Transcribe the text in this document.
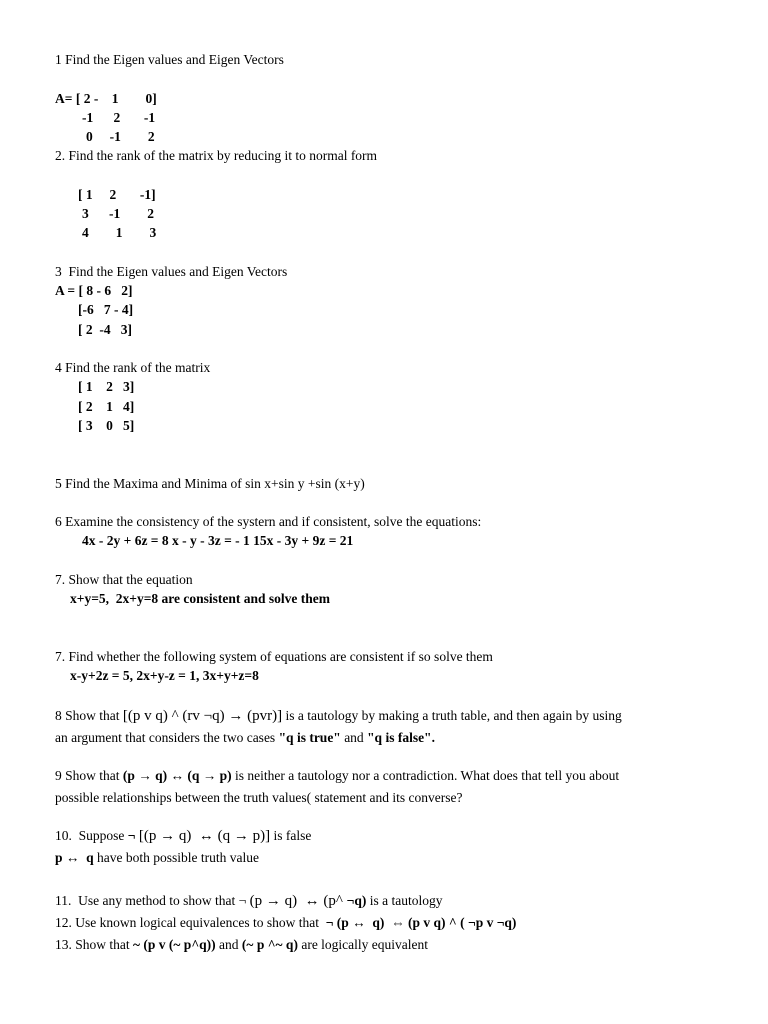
1 Find the Eigen values and Eigen Vectors
A= [ 2 -    1        0]
-1      2       -1
0     -1        2
2. Find the rank of the matrix by reducing it to normal form
[ 1     2       -1]
3      -1        2
4        1        3
3  Find the Eigen values and Eigen Vectors
A = [ 8 - 6   2]
[-6   7 - 4]
[ 2  -4   3]
4 Find the rank of the matrix
[ 1    2   3]
[ 2    1   4]
[ 3    0   5]
5 Find the Maxima and Minima of sin x+sin y +sin (x+y)
6 Examine the consistency of the systern and if consistent, solve the equations:
4x - 2y + 6z = 8 x - y - 3z = - 1 15x - 3y + 9z = 21
7. Show that the equation
x+y=5,  2x+y=8 are consistent and solve them
7. Find whether the following system of equations are consistent if so solve them
x-y+2z = 5, 2x+y-z = 1, 3x+y+z=8
8 Show that [(p v q) ^ (rv ¬q) → (pvr)] is a tautology by making a truth table, and then again by using
an argument that considers the two cases "q is true" and "q is false".
9 Show that (p → q) ↔ (q → p) is neither a tautology nor a contradiction. What does that tell you about
possible relationships between the truth values( statement and its converse?
10.  Suppose ¬ [(p → q)  ↔ (q → p)] is false
p ↔  q have both possible truth value
11.  Use any method to show that ¬ (p → q)  ↔ (p^ ¬q) is a tautology
12. Use known logical equivalences to show that  ¬ (p ↔  q)  ⇔ (p v q) ^ ( ¬p v ¬q)
13. Show that ~ (p v (~ p^q)) and (~ p ^~ q) are logically equivalent
